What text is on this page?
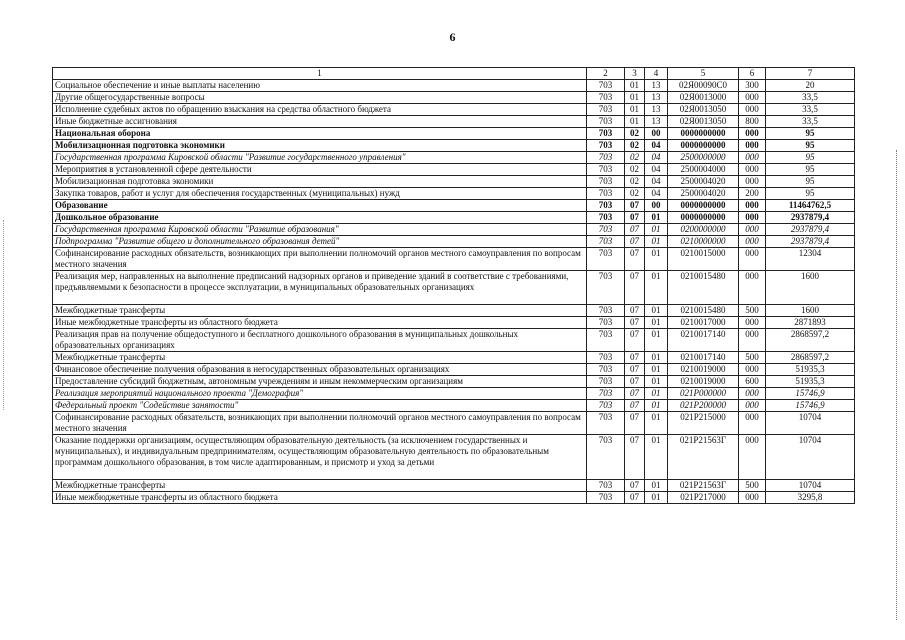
6
1	2	3	4	5	6	7
Социальное обеспечение и иные выплаты населению	703	01	13	02Я00090С0	300	20
Другие общегосударственные вопросы	703	01	13	02Я0013000	000	33,5
Исполнение судебных актов по обращению взыскания на средства областного бюджета	703	01	13	02Я0013050	000	33,5
Иные бюджетные ассигнования	703	01	13	02Я0013050	800	33,5
Национальная оборона	703	02	00	0000000000	000	95
Мобилизационная подготовка экономики	703	02	04	0000000000	000	95
Государственная программа Кировской области "Развитие государственного управления"	703	02	04	2500000000	000	95
Мероприятия в установленной сфере деятельности	703	02	04	2500004000	000	95
Мобилизационная подготовка экономики	703	02	04	2500004020	000	95
Закупка товаров, работ и услуг для обеспечения государственных (муниципальных) нужд	703	02	04	2500004020	200	95
Образование	703	07	00	0000000000	000	11464762,5
Дошкольное образование	703	07	01	0000000000	000	2937879,4
Государственная программа Кировской области "Развитие образования"	703	07	01	0200000000	000	2937879,4
Подпрограмма "Развитие общего и дополнительного образования детей"	703	07	01	0210000000	000	2937879,4
Софинансирование расходных обязательств, возникающих при выполнении полномочий органов местного самоуправления по вопросам местного значения	703	07	01	0210015000	000	12304
Реализация мер, направленных на выполнение предписаний надзорных органов и приведение зданий в соответствие с требованиями, предъявляемыми к безопасности в процессе эксплуатации, в муниципальных образовательных организациях	703	07	01	0210015480	000	1600
Межбюджетные трансферты	703	07	01	0210015480	500	1600
Иные межбюджетные трансферты из областного бюджета	703	07	01	0210017000	000	2871893
Реализация прав на получение общедоступного и бесплатного дошкольного образования в муниципальных дошкольных образовательных организациях	703	07	01	0210017140	000	2868597,2
Межбюджетные трансферты	703	07	01	0210017140	500	2868597,2
Финансовое обеспечение получения образования в негосударственных образовательных организациях	703	07	01	0210019000	000	51935,3
Предоставление субсидий бюджетным, автономным учреждениям и иным некоммерческим организациям	703	07	01	0210019000	600	51935,3
Реализация мероприятий национального проекта "Демография"	703	07	01	021P000000	000	15746,9
Федеральный проект "Содействие занятости"	703	07	01	021P200000	000	15746,9
Софинансирование расходных обязательств, возникающих при выполнении полномочий органов местного самоуправления по вопросам местного значения	703	07	01	021P215000	000	10704
Оказание поддержки организациям, осуществляющим образовательную деятельность (за исключением государственных и муниципальных), и индивидуальным предпринимателям, осуществляющим образовательную деятельность по образовательным программам дошкольного образования, в том числе адаптированным, и присмотр и уход за детьми	703	07	01	021P21563Г	000	10704
Межбюджетные трансферты	703	07	01	021P21563Г	500	10704
Иные межбюджетные трансферты из областного бюджета	703	07	01	021P217000	000	3295,8
